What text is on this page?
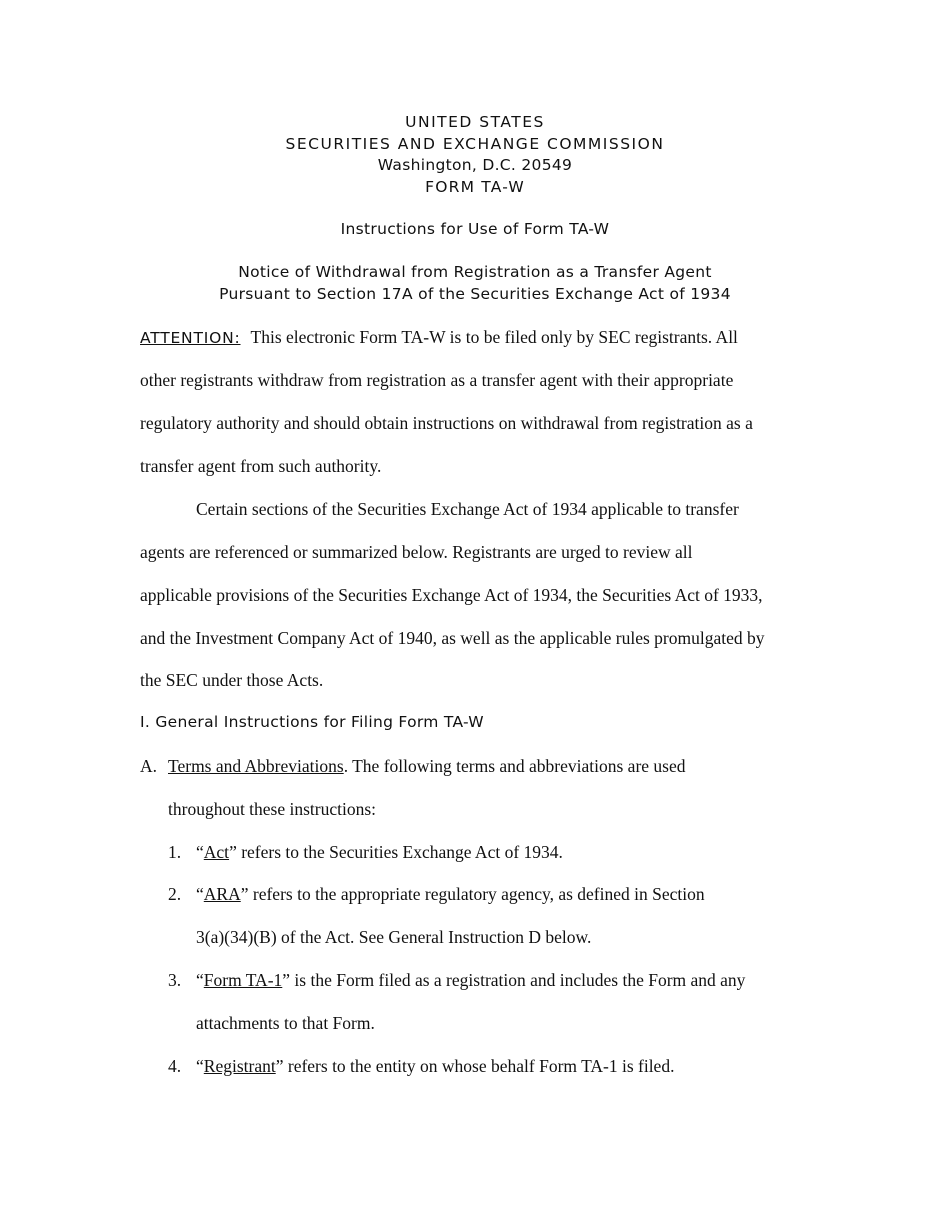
UNITED STATES
SECURITIES AND EXCHANGE COMMISSION
Washington, D.C. 20549
FORM TA-W
Instructions for Use of Form TA-W
Notice of Withdrawal from Registration as a Transfer Agent
Pursuant to Section 17A of the Securities Exchange Act of 1934
ATTENTION: This electronic Form TA-W is to be filed only by SEC registrants. All
other registrants withdraw from registration as a transfer agent with their appropriate
regulatory authority and should obtain instructions on withdrawal from registration as a
transfer agent from such authority.
Certain sections of the Securities Exchange Act of 1934 applicable to transfer
agents are referenced or summarized below. Registrants are urged to review all
applicable provisions of the Securities Exchange Act of 1934, the Securities Act of 1933,
and the Investment Company Act of 1940, as well as the applicable rules promulgated by
the SEC under those Acts.
I. General Instructions for Filing Form TA-W
A. Terms and Abbreviations. The following terms and abbreviations are used
throughout these instructions:
1. “Act” refers to the Securities Exchange Act of 1934.
2. “ARA” refers to the appropriate regulatory agency, as defined in Section
3(a)(34)(B) of the Act. See General Instruction D below.
3. “Form TA-1” is the Form filed as a registration and includes the Form and any
attachments to that Form.
4. “Registrant” refers to the entity on whose behalf Form TA-1 is filed.
